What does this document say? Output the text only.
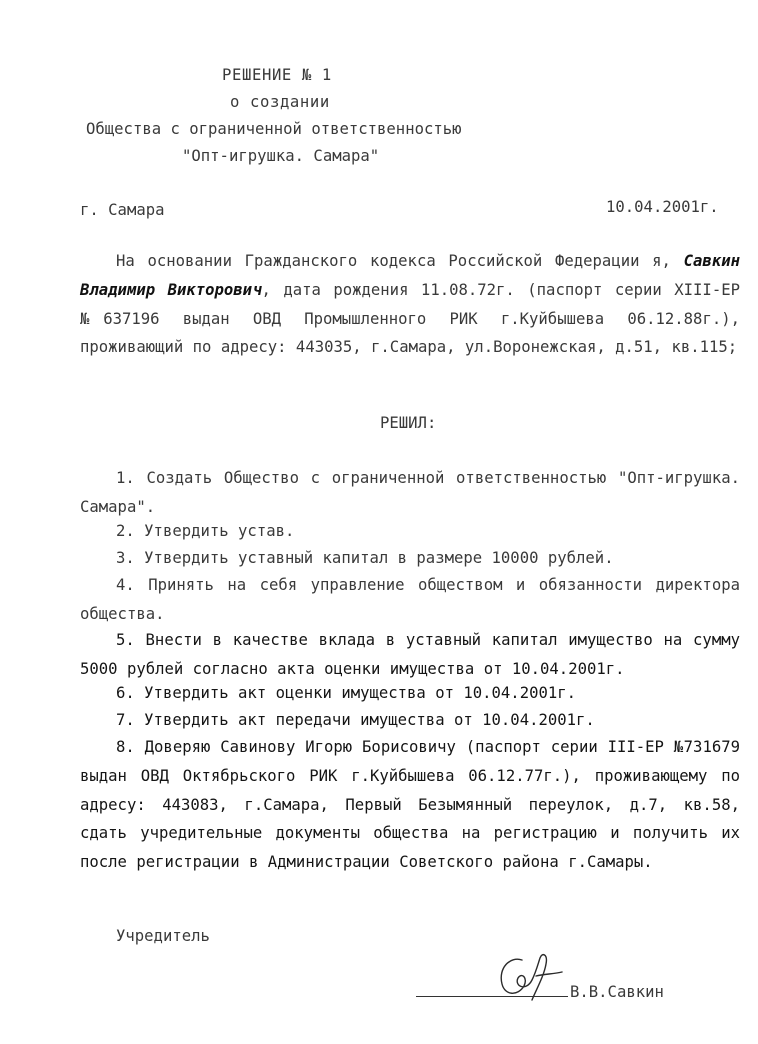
РЕШЕНИЕ № 1
о создании
Общества с ограниченной ответственностью
"Опт-игрушка. Самара"
г. Самара	10.04.2001г.
На основании Гражданского кодекса Российской Федерации я, Савкин Владимир Викторович, дата рождения 11.08.72г. (паспорт серии XIII-ЕР №637196 выдан ОВД Промышленного РИК г.Куйбышева 06.12.88г.), проживающий по адресу: 443035, г.Самара, ул.Воронежская, д.51, кв.115;
РЕШИЛ:
1. Создать Общество с ограниченной ответственностью "Опт-игрушка. Самара".
2. Утвердить устав.
3. Утвердить уставный капитал в размере 10000 рублей.
4. Принять на себя управление обществом и обязанности директора общества.
5. Внести в качестве вклада в уставный капитал имущество на сумму 5000 рублей согласно акта оценки имущества от 10.04.2001г.
6. Утвердить акт оценки имущества от 10.04.2001г.
7. Утвердить акт передачи имущества от 10.04.2001г.
8. Доверяю Савинову Игорю Борисовичу (паспорт серии III-ЕР №731679 выдан ОВД Октябрьского РИК г.Куйбышева 06.12.77г.), проживающему по адресу: 443083, г.Самара, Первый Безымянный переулок, д.7, кв.58, сдать учредительные документы общества на регистрацию и получить их после регистрации в Администрации Советского района г.Самары.
Учредитель
В.В.Савкин
